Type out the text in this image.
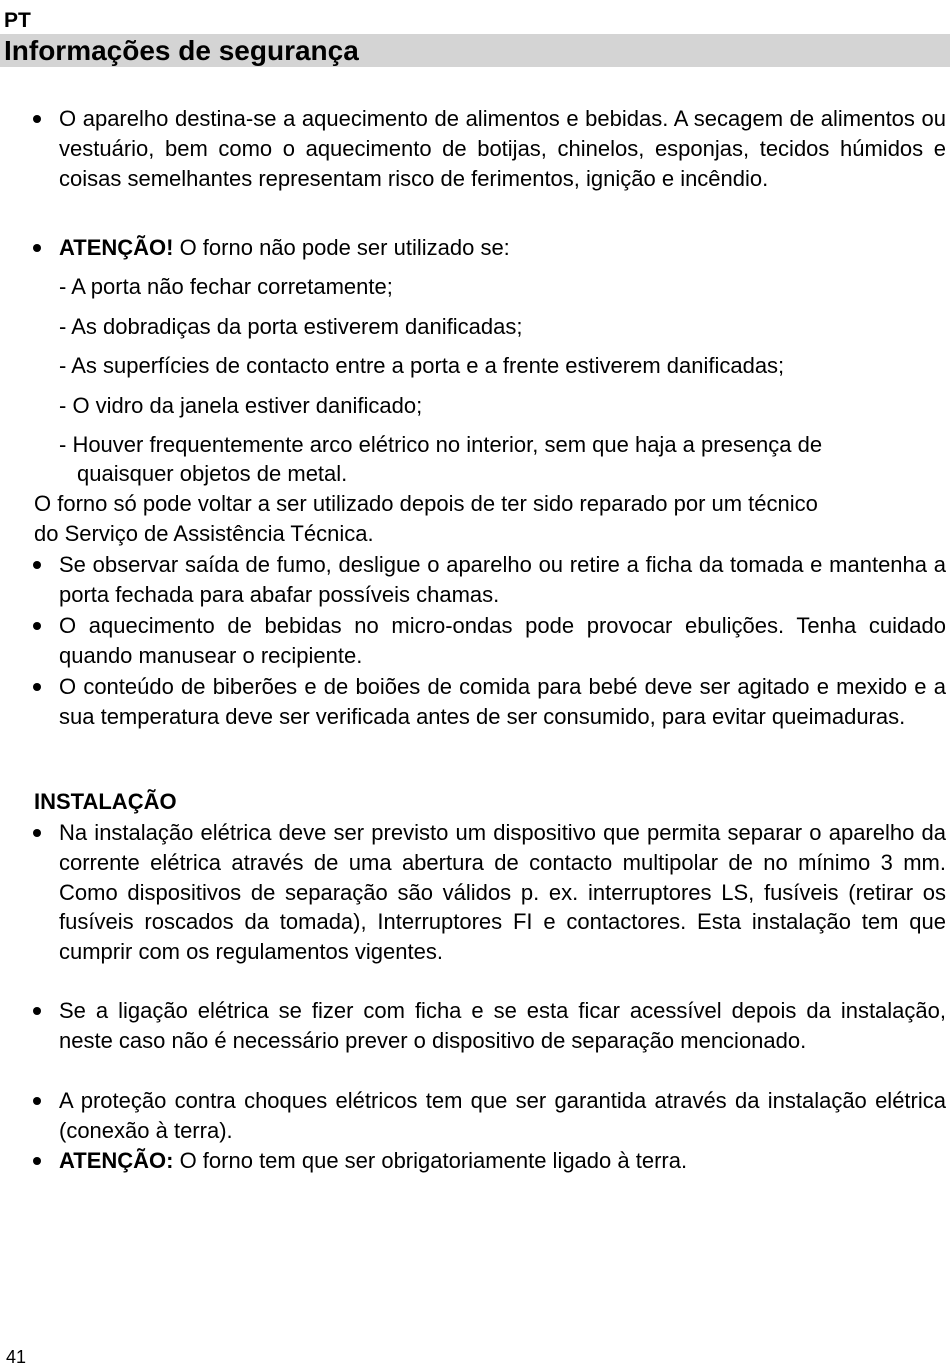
PT
Informações de segurança

O aparelho destina-se a aquecimento de alimentos e bebidas. A secagem de alimentos ou vestuário, bem como o aquecimento de botijas, chinelos, esponjas, tecidos húmidos e coisas semelhantes representam risco de ferimentos, ignição e incêndio.

ATENÇÃO! O forno não pode ser utilizado se:
- A porta não fechar corretamente;
- As dobradiças da porta estiverem danificadas;
- As superfícies de contacto entre a porta e a frente estiverem danificadas;
- O vidro da janela estiver danificado;
- Houver frequentemente arco elétrico no interior, sem que haja a presença de
quaisquer objetos de metal.
O forno só pode voltar a ser utilizado depois de ter sido reparado por um técnico
do Serviço de Assistência Técnica.

Se observar saída de fumo, desligue o aparelho ou retire a ficha da tomada e mantenha a porta fechada para abafar possíveis chamas.

O aquecimento de bebidas no micro-ondas pode provocar ebulições. Tenha cuidado quando manusear o recipiente.

O conteúdo de biberões e de boiões de comida para bebé deve ser agitado e mexido e a sua temperatura deve ser verificada antes de ser consumido, para evitar queimaduras.

INSTALAÇÃO

Na instalação elétrica deve ser previsto um dispositivo que permita separar o aparelho da corrente elétrica através de uma abertura de contacto multipolar de no mínimo 3 mm. Como dispositivos de separação são válidos p. ex. interruptores LS, fusíveis (retirar os fusíveis roscados da tomada), Interruptores FI e contactores. Esta instalação tem que cumprir com os regulamentos vigentes.

Se a ligação elétrica se fizer com ficha e se esta ficar acessível depois da instalação, neste caso não é necessário prever o dispositivo de separação mencionado.

A proteção contra choques elétricos tem que ser garantida através da instalação elétrica (conexão à terra).

ATENÇÃO: O forno tem que ser obrigatoriamente ligado à terra.
41
